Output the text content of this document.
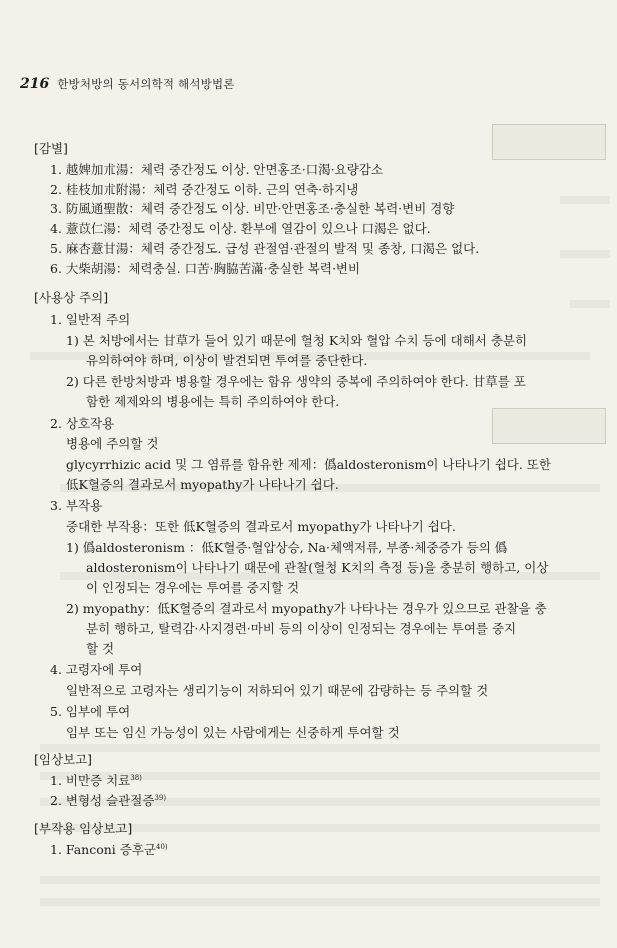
216 한방처방의 동서의학적 해석방법론
[감별]
1. 越婢加朮湯：체력 중간정도 이상. 안면홍조·口渴·요량감소
2. 桂枝加朮附湯：체력 중간정도 이하. 근의 연축·하지냉
3. 防風通聖散：체력 중간정도 이상. 비만·안면홍조·충실한 복력·변비 경향
4. 薏苡仁湯：체력 중간정도 이상. 환부에 열감이 있으나 口渴은 없다.
5. 麻杏薏甘湯：체력 중간정도. 급성 관절염·관절의 발적 및 종창, 口渴은 없다.
6. 大柴胡湯：체력충실. 口苦·胸脇苦滿·충실한 복력·변비
[사용상 주의]
1. 일반적 주의
1) 본 처방에서는 甘草가 들어 있기 때문에 혈청 K치와 혈압 수치 등에 대해서 충분히
유의하여야 하며, 이상이 발견되면 투여를 중단한다.
2) 다른 한방처방과 병용할 경우에는 함유 생약의 중복에 주의하여야 한다. 甘草를 포
함한 제제와의 병용에는 특히 주의하여야 한다.
2. 상호작용
병용에 주의할 것
glycyrrhizic acid 및 그 염류를 함유한 제제：僞aldosteronism이 나타나기 쉽다. 또한
低K혈증의 결과로서 myopathy가 나타나기 쉽다.
3. 부작용
중대한 부작용：또한 低K혈증의 결과로서 myopathy가 나타나기 쉽다.
1) 僞aldosteronism ：低K혈증·혈압상승, Na·체액저류, 부종·체중증가 등의 僞
aldosteronism이 나타나기 때문에 관찰(혈청 K치의 측정 등)을 충분히 행하고, 이상
이 인정되는 경우에는 투여를 중지할 것
2) myopathy：低K혈증의 결과로서 myopathy가 나타나는 경우가 있으므로 관찰을 충
분히 행하고, 탈력감·사지경련·마비 등의 이상이 인정되는 경우에는 투여를 중지
할 것
4. 고령자에 투여
일반적으로 고령자는 생리기능이 저하되어 있기 때문에 감량하는 등 주의할 것
5. 임부에 투여
임부 또는 임신 가능성이 있는 사람에게는 신중하게 투여할 것
[임상보고]
1. 비만증 치료$^{38)}$
2. 변형성 슬관절증$^{39)}$
[부작용 임상보고]
1. Fanconi 증후군$^{40)}$
